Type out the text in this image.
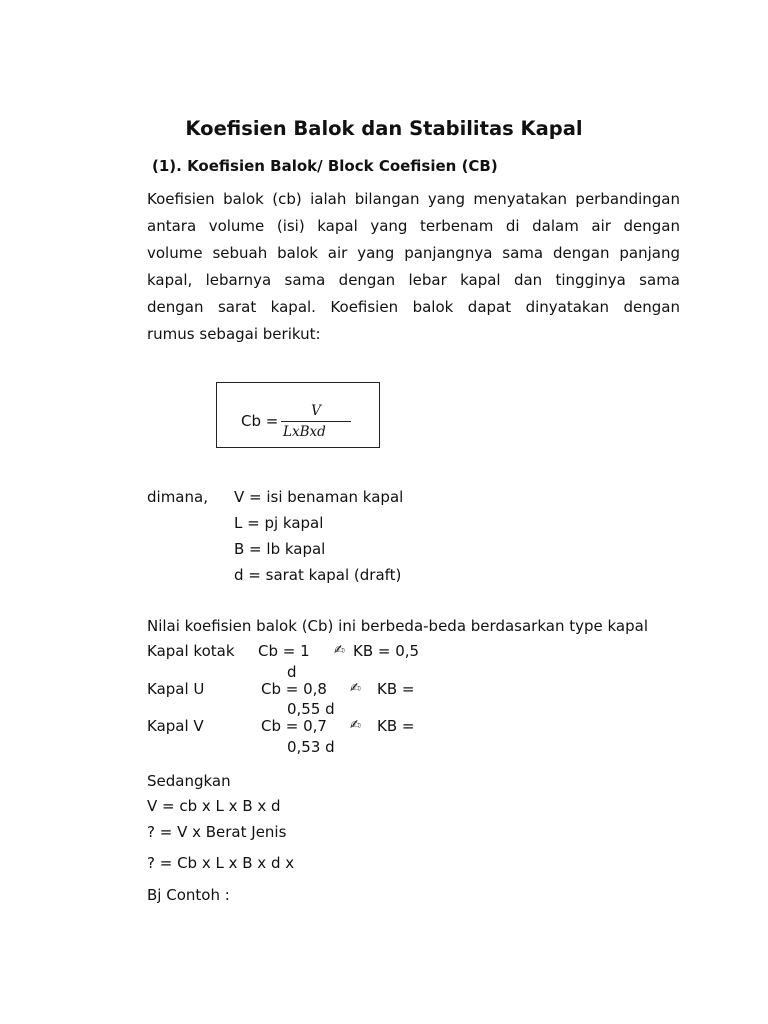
Koefisien Balok dan Stabilitas Kapal
(1). Koefisien Balok/ Block Coefisien (CB)
Koefisien balok (cb) ialah bilangan yang menyatakan perbandingan
antara volume (isi) kapal yang terbenam di dalam air dengan
volume sebuah balok air yang panjangnya sama dengan panjang
kapal, lebarnya sama dengan lebar kapal dan tingginya sama
dengan sarat kapal. Koefisien balok dapat dinyatakan dengan
rumus sebagai berikut:
Cb =
V
LxBxd
dimana, V = isi benaman kapal
L = pj kapal
B = lb kapal
d = sarat kapal (draft)
Nilai koefisien balok (Cb) ini berbeda-beda berdasarkan type kapal
Kapal kotak Cb = 1 ✍ KB = 0,5
d
Kapal U	Cb = 0,8 ✍ KB =
0,55 d
Kapal V	Cb = 0,7 ✍ KB =
0,53 d
Sedangkan
V = cb x L x B x d
? = V x Berat Jenis
? = Cb x L x B x d x
Bj Contoh :
